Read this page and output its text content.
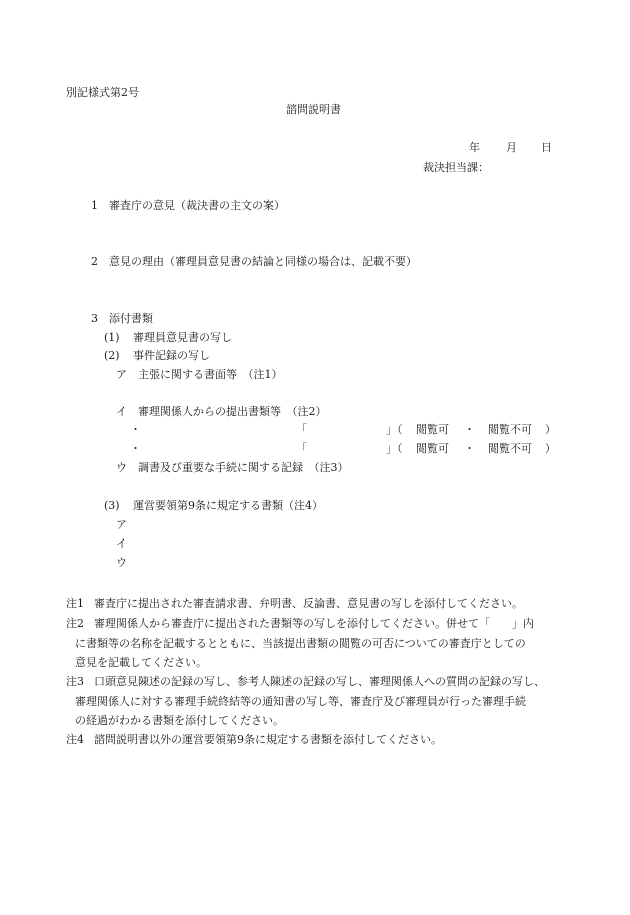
別記様式第2号
諮問説明書
年 月 日
裁決担当課：
1 審査庁の意見（裁決書の主文の案）
2 意見の理由（審理員意見書の結論と同様の場合は、記載不要）
3 添付書類
(1) 審理員意見書の写し
(2) 事件記録の写し
ア 主張に関する書面等　（注1）
イ 審理関係人からの提出書類等　（注2）
・	「	」（ 閲覧可 ・ 閲覧不可 ）
・	「	」（ 閲覧可 ・ 閲覧不可 ）
ウ 調書及び重要な手続に関する記録　（注3）
(3) 運営要領第9条に規定する書類（注4）
ア
イ
ウ
注1 審査庁に提出された審査請求書、弁明書、反論書、意見書の写しを添付してください。
注2 審理関係人から審査庁に提出された書類等の写しを添付してください。併せて「　　」内
に書類等の名称を記載するとともに、当該提出書類の閲覧の可否についての審査庁としての
意見を記載してください。
注3 口頭意見陳述の記録の写し、参考人陳述の記録の写し、審理関係人への質問の記録の写し、
審理関係人に対する審理手続終結等の通知書の写し等、審査庁及び審理員が行った審理手続
の経過がわかる書類を添付してください。
注4 諮問説明書以外の運営要領第9条に規定する書類を添付してください。
